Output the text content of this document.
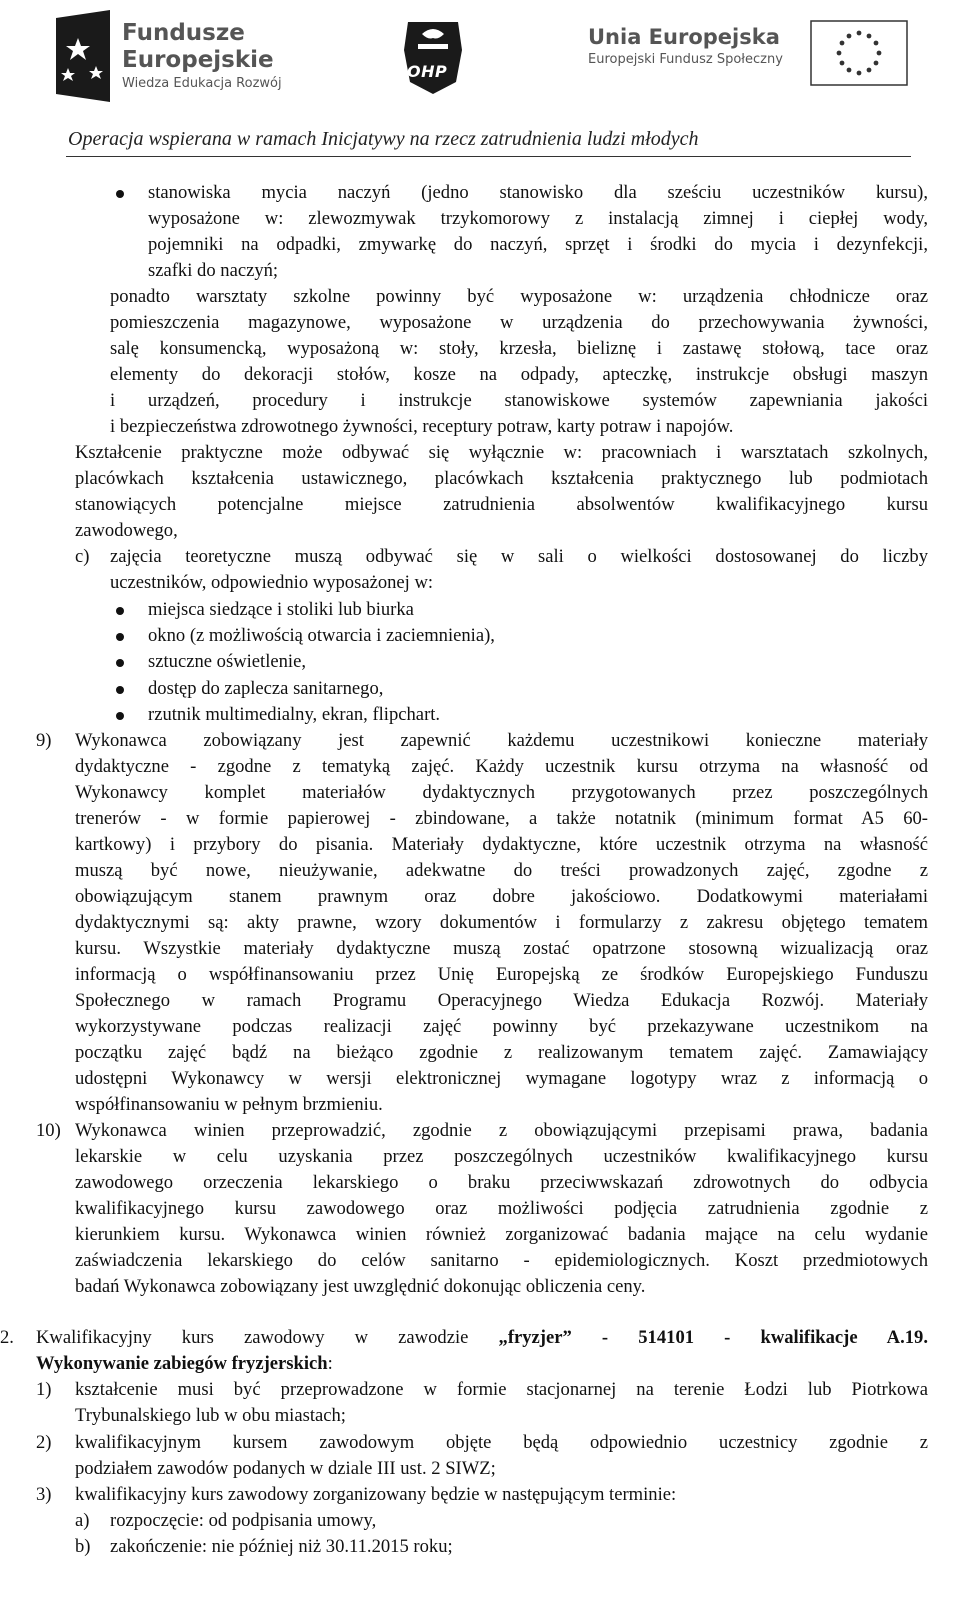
Fundusze
Europejskie
Wiedza Edukacja Rozwój
OHP
Unia Europejska
Europejski Fundusz Społeczny
Operacja wspierana w ramach Inicjatywy na rzecz zatrudnienia ludzi młodych
stanowiska mycia naczyń (jedno stanowisko dla sześciu uczestników kursu),
wyposażone w: zlewozmywak trzykomorowy z instalacją zimnej i ciepłej wody,
pojemniki na odpadki, zmywarkę do naczyń, sprzęt i środki do mycia i dezynfekcji,
szafki do naczyń;
ponadto warsztaty szkolne powinny być wyposażone w: urządzenia chłodnicze oraz
pomieszczenia magazynowe, wyposażone w urządzenia do przechowywania żywności,
salę konsumencką, wyposażoną w: stoły, krzesła, bieliznę i zastawę stołową, tace oraz
elementy do dekoracji stołów, kosze na odpady, apteczkę, instrukcje obsługi maszyn
i urządzeń, procedury i instrukcje stanowiskowe systemów zapewniania jakości
i bezpieczeństwa zdrowotnego żywności, receptury potraw, karty potraw i napojów.
Kształcenie praktyczne może odbywać się wyłącznie w: pracowniach i warsztatach szkolnych,
placówkach kształcenia ustawicznego, placówkach kształcenia praktycznego lub podmiotach
stanowiących potencjalne miejsce zatrudnienia absolwentów kwalifikacyjnego kursu
zawodowego,
c) zajęcia teoretyczne muszą odbywać się w sali o wielkości dostosowanej do liczby
uczestników, odpowiednio wyposażonej w:
miejsca siedzące i stoliki lub biurka
okno (z możliwością otwarcia i zaciemnienia),
sztuczne oświetlenie,
dostęp do zaplecza sanitarnego,
rzutnik multimedialny, ekran, flipchart.
9) Wykonawca zobowiązany jest zapewnić każdemu uczestnikowi konieczne materiały
dydaktyczne - zgodne z tematyką zajęć. Każdy uczestnik kursu otrzyma na własność od
Wykonawcy komplet materiałów dydaktycznych przygotowanych przez poszczególnych
trenerów - w formie papierowej - zbindowane, a także notatnik (minimum format A5 60-
kartkowy) i przybory do pisania. Materiały dydaktyczne, które uczestnik otrzyma na własność
muszą być nowe, nieużywanie, adekwatne do treści prowadzonych zajęć, zgodne z
obowiązującym stanem prawnym oraz dobre jakościowo. Dodatkowymi materiałami
dydaktycznymi są: akty prawne, wzory dokumentów i formularzy z zakresu objętego tematem
kursu. Wszystkie materiały dydaktyczne muszą zostać opatrzone stosowną wizualizacją oraz
informacją o współfinansowaniu przez Unię Europejską ze środków Europejskiego Funduszu
Społecznego w ramach Programu Operacyjnego Wiedza Edukacja Rozwój. Materiały
wykorzystywane podczas realizacji zajęć powinny być przekazywane uczestnikom na
początku zajęć bądź na bieżąco zgodnie z realizowanym tematem zajęć. Zamawiający
udostępni Wykonawcy w wersji elektronicznej wymagane logotypy wraz z informacją o
współfinansowaniu w pełnym brzmieniu.
10) Wykonawca winien przeprowadzić, zgodnie z obowiązującymi przepisami prawa, badania
lekarskie w celu uzyskania przez poszczególnych uczestników kwalifikacyjnego kursu
zawodowego orzeczenia lekarskiego o braku przeciwwskazań zdrowotnych do odbycia
kwalifikacyjnego kursu zawodowego oraz możliwości podjęcia zatrudnienia zgodnie z
kierunkiem kursu. Wykonawca winien również zorganizować badania mające na celu wydanie
zaświadczenia lekarskiego do celów sanitarno - epidemiologicznych. Koszt przedmiotowych
badań Wykonawca zobowiązany jest uwzględnić dokonując obliczenia ceny.
2. Kwalifikacyjny kurs zawodowy w zawodzie „fryzjer” - 514101 - kwalifikacje A.19.
Wykonywanie zabiegów fryzjerskich:
1) kształcenie musi być przeprowadzone w formie stacjonarnej na terenie Łodzi lub Piotrkowa
Trybunalskiego lub w obu miastach;
2) kwalifikacyjnym kursem zawodowym objęte będą odpowiednio uczestnicy zgodnie z
podziałem zawodów podanych w dziale III ust. 2 SIWZ;
3) kwalifikacyjny kurs zawodowy zorganizowany będzie w następującym terminie:
a) rozpoczęcie: od podpisania umowy,
b) zakończenie: nie później niż 30.11.2015 roku;
